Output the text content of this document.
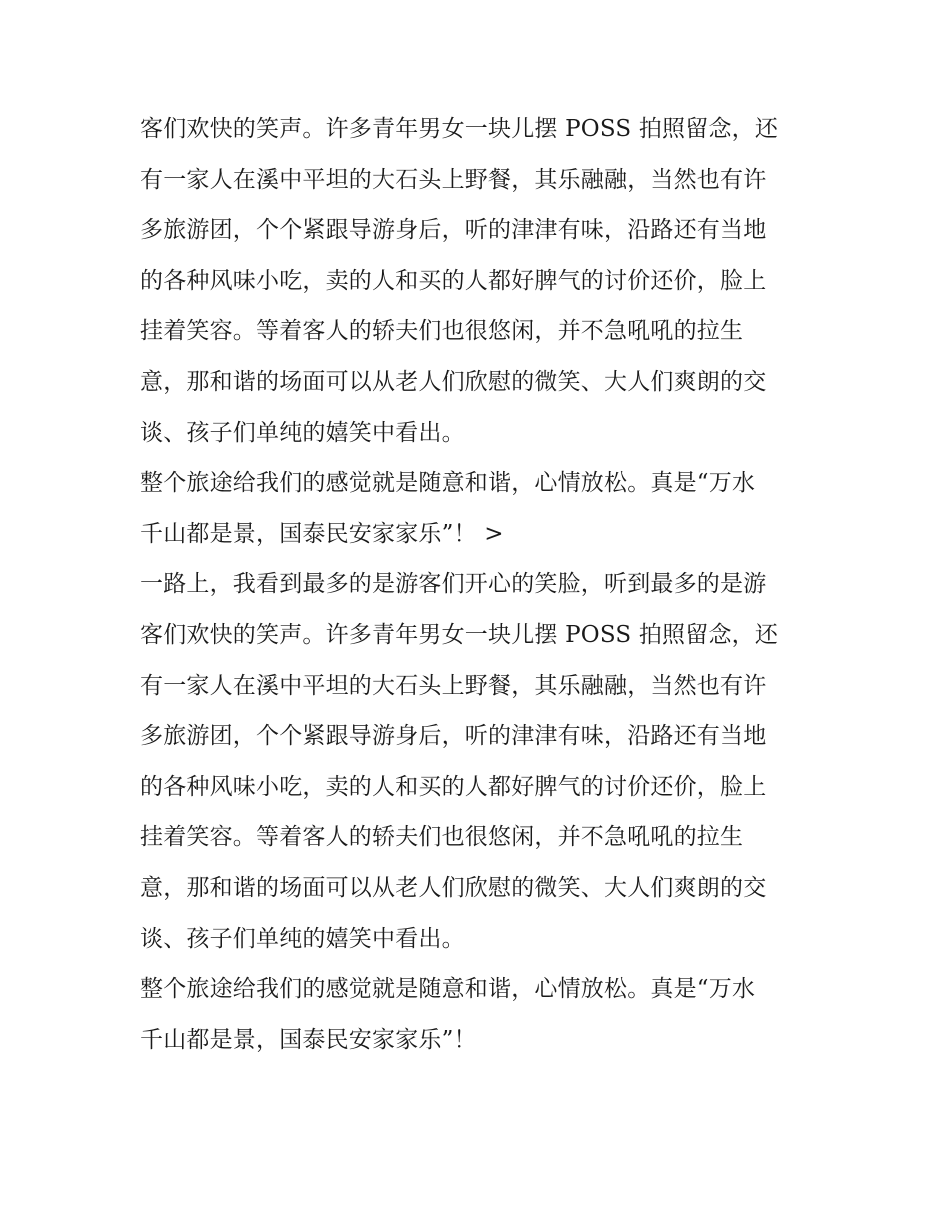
客们欢快的笑声。许多青年男女一块儿摆 POSS 拍照留念，还
有一家人在溪中平坦的大石头上野餐，其乐融融，当然也有许
多旅游团，个个紧跟导游身后，听的津津有味，沿路还有当地
的各种风味小吃，卖的人和买的人都好脾气的讨价还价，脸上
挂着笑容。等着客人的轿夫们也很悠闲，并不急吼吼的拉生
意，那和谐的场面可以从老人们欣慰的微笑、大人们爽朗的交
谈、孩子们单纯的嬉笑中看出。
整个旅途给我们的感觉就是随意和谐，心情放松。真是“万水
千山都是景，国泰民安家家乐”！ >
一路上，我看到最多的是游客们开心的笑脸，听到最多的是游
客们欢快的笑声。许多青年男女一块儿摆 POSS 拍照留念，还
有一家人在溪中平坦的大石头上野餐，其乐融融，当然也有许
多旅游团，个个紧跟导游身后，听的津津有味，沿路还有当地
的各种风味小吃，卖的人和买的人都好脾气的讨价还价，脸上
挂着笑容。等着客人的轿夫们也很悠闲，并不急吼吼的拉生
意，那和谐的场面可以从老人们欣慰的微笑、大人们爽朗的交
谈、孩子们单纯的嬉笑中看出。
整个旅途给我们的感觉就是随意和谐，心情放松。真是“万水
千山都是景，国泰民安家家乐”！
